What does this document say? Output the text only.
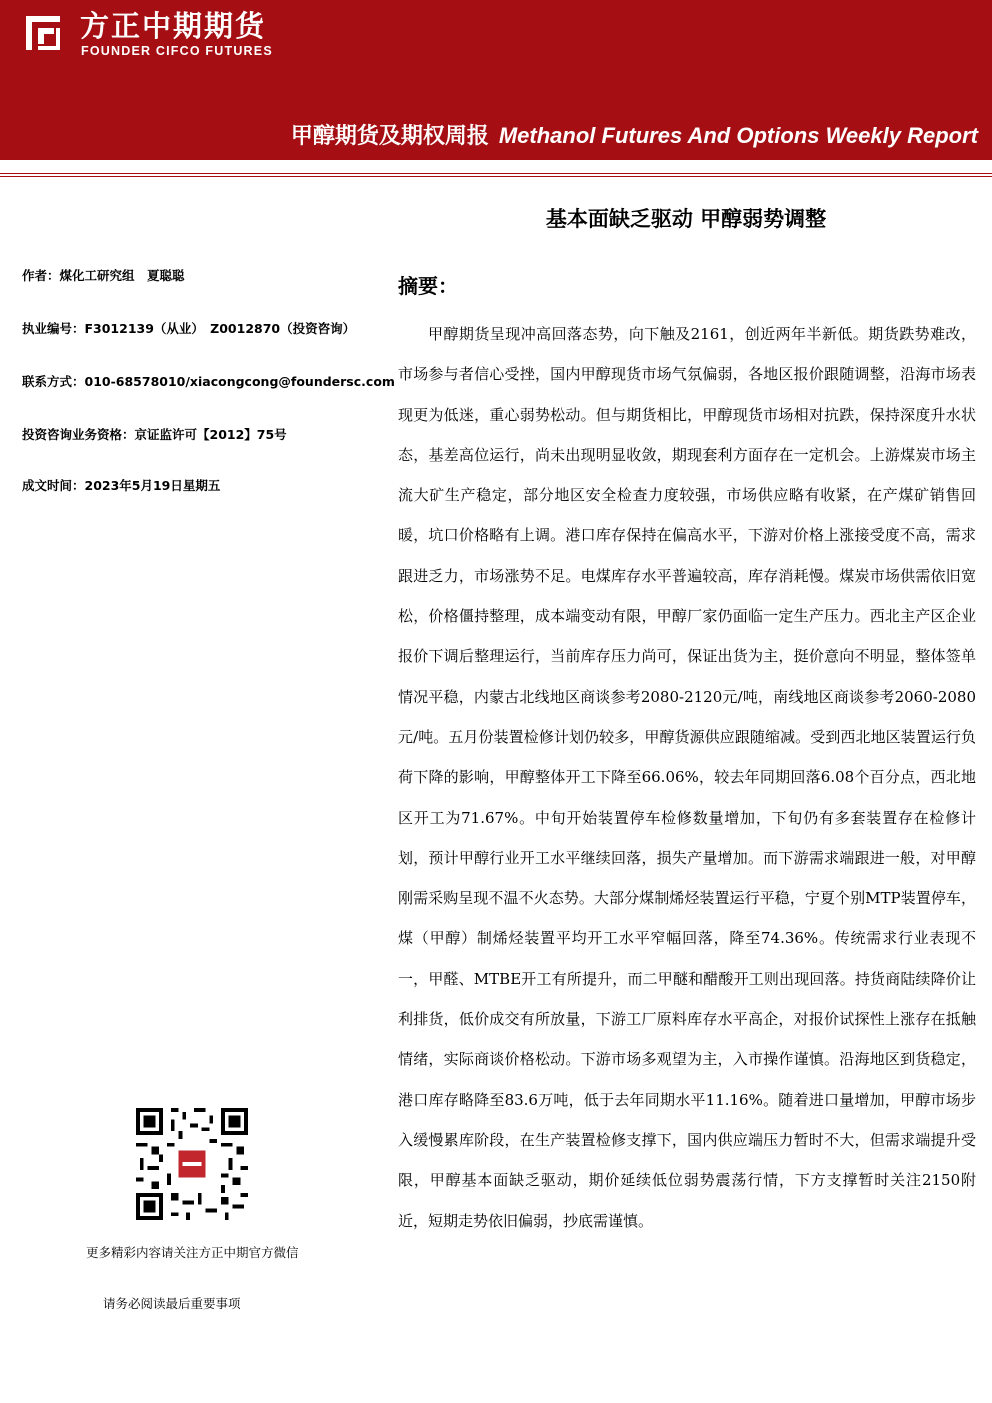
方正中期期货
FOUNDER CIFCO FUTURES
甲醇期货及期权周报 Methanol Futures And Options Weekly Report
基本面缺乏驱动 甲醇弱势调整
作者：煤化工研究组　夏聪聪
执业编号：F3012139（从业）　Z0012870（投资咨询）
联系方式：010-68578010/xiacongcong@foundersc.com
投资咨询业务资格：京证监许可【2012】75号
成文时间：2023年5月19日星期五
摘要：
甲醇期货呈现冲高回落态势，向下触及2161，创近两年半新低。期货跌势难改，市场参与者信心受挫，国内甲醇现货市场气氛偏弱，各地区报价跟随调整，沿海市场表现更为低迷，重心弱势松动。但与期货相比，甲醇现货市场相对抗跌，保持深度升水状态，基差高位运行，尚未出现明显收敛，期现套利方面存在一定机会。上游煤炭市场主流大矿生产稳定，部分地区安全检查力度较强，市场供应略有收紧，在产煤矿销售回暖，坑口价格略有上调。港口库存保持在偏高水平，下游对价格上涨接受度不高，需求跟进乏力，市场涨势不足。电煤库存水平普遍较高，库存消耗慢。煤炭市场供需依旧宽松，价格僵持整理，成本端变动有限，甲醇厂家仍面临一定生产压力。西北主产区企业报价下调后整理运行，当前库存压力尚可，保证出货为主，挺价意向不明显，整体签单情况平稳，内蒙古北线地区商谈参考2080-2120元/吨，南线地区商谈参考2060-2080元/吨。五月份装置检修计划仍较多，甲醇货源供应跟随缩减。受到西北地区装置运行负荷下降的影响，甲醇整体开工下降至66.06%，较去年同期回落6.08个百分点，西北地区开工为71.67%。中旬开始装置停车检修数量增加，下旬仍有多套装置存在检修计划，预计甲醇行业开工水平继续回落，损失产量增加。而下游需求端跟进一般，对甲醇刚需采购呈现不温不火态势。大部分煤制烯烃装置运行平稳，宁夏个别MTP装置停车，煤（甲醇）制烯烃装置平均开工水平窄幅回落，降至74.36%。传统需求行业表现不一，甲醛、MTBE开工有所提升，而二甲醚和醋酸开工则出现回落。持货商陆续降价让利排货，低价成交有所放量，下游工厂原料库存水平高企，对报价试探性上涨存在抵触情绪，实际商谈价格松动。下游市场多观望为主，入市操作谨慎。沿海地区到货稳定，港口库存略降至83.6万吨，低于去年同期水平11.16%。随着进口量增加，甲醇市场步入缓慢累库阶段，在生产装置检修支撑下，国内供应端压力暂时不大，但需求端提升受限，甲醇基本面缺乏驱动，期价延续低位弱势震荡行情，下方支撑暂时关注2150附近，短期走势依旧偏弱，抄底需谨慎。
更多精彩内容请关注方正中期官方微信
请务必阅读最后重要事项
